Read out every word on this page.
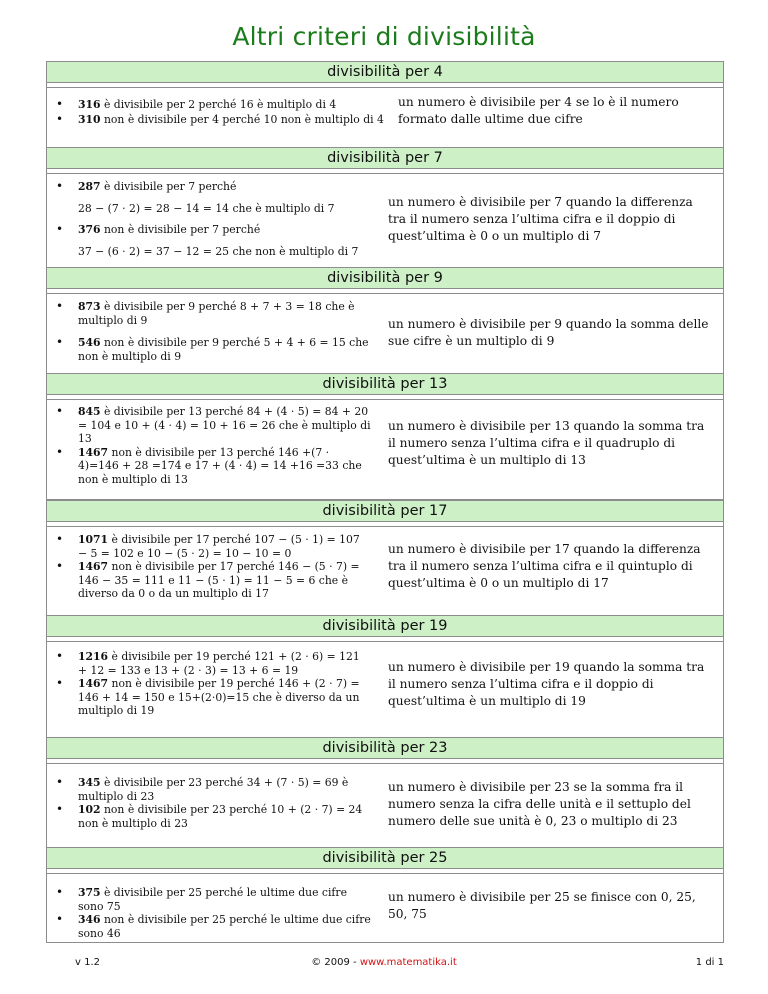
Altri criteri di divisibilità
divisibilità per 4
• 316 è divisibile per 2 perché 16 è multiplo di 4
• 310 non è divisibile per 4 perché 10 non è multiplo di 4
un numero è divisibile per 4 se lo è il numero formato dalle ultime due cifre
divisibilità per 7
• 287 è divisibile per 7 perché
28 − (7 · 2) = 28 − 14 = 14 che è multiplo di 7
• 376 non è divisibile per 7 perché
37 − (6 · 2) = 37 − 12 = 25 che non è multiplo di 7
un numero è divisibile per 7 quando la differenza tra il numero senza l’ultima cifra e il doppio di quest’ultima è 0 o un multiplo di 7
divisibilità per 9
• 873 è divisibile per 9 perché 8 + 7 + 3 = 18 che è multiplo di 9
• 546 non è divisibile per 9 perché 5 + 4 + 6 = 15 che non è multiplo di 9
un numero è divisibile per 9 quando la somma delle sue cifre è un multiplo di 9
divisibilità per 13
• 845 è divisibile per 13 perché 84 + (4 · 5) = 84 + 20 = 104 e 10 + (4 · 4) = 10 + 16 = 26 che è multiplo di 13
• 1467 non è divisibile per 13 perché 146 +(7 · 4)=146 + 28 =174 e 17 + (4 · 4) = 14 +16 =33 che non è multiplo di 13
un numero è divisibile per 13 quando la somma tra il numero senza l’ultima cifra e il quadruplo di quest’ultima è un multiplo di 13
divisibilità per 17
• 1071 è divisibile per 17 perché 107 − (5 · 1) = 107 − 5 = 102 e 10 − (5 · 2) = 10 − 10 = 0
• 1467 non è divisibile per 17 perché 146 − (5 · 7) = 146 − 35 = 111 e 11 − (5 · 1) = 11 − 5 = 6 che è diverso da 0 o da un multiplo di 17
un numero è divisibile per 17 quando la differenza tra il numero senza l’ultima cifra e il quintuplo di quest’ultima è 0 o un multiplo di 17
divisibilità per 19
• 1216 è divisibile per 19 perché 121 + (2 · 6) = 121 + 12 = 133 e 13 + (2 · 3) = 13 + 6 = 19
• 1467 non è divisibile per 19 perché 146 + (2 · 7) = 146 + 14 = 150 e 15+(2·0)=15 che è diverso da un multiplo di 19
un numero è divisibile per 19 quando la somma tra il numero senza l’ultima cifra e il doppio di quest’ultima è un multiplo di 19
divisibilità per 23
• 345 è divisibile per 23 perché 34 + (7 · 5) = 69 è multiplo di 23
• 102 non è divisibile per 23 perché 10 + (2 · 7) = 24 non è multiplo di 23
un numero è divisibile per 23 se la somma fra il numero senza la cifra delle unità e il settuplo del numero delle sue unità è 0, 23 o multiplo di 23
divisibilità per 25
• 375 è divisibile per 25 perché le ultime due cifre sono 75
• 346 non è divisibile per 25 perché le ultime due cifre sono 46
un numero è divisibile per 25 se finisce con 0, 25, 50, 75
v 1.2	© 2009 - www.matematika.it	1 di 1
